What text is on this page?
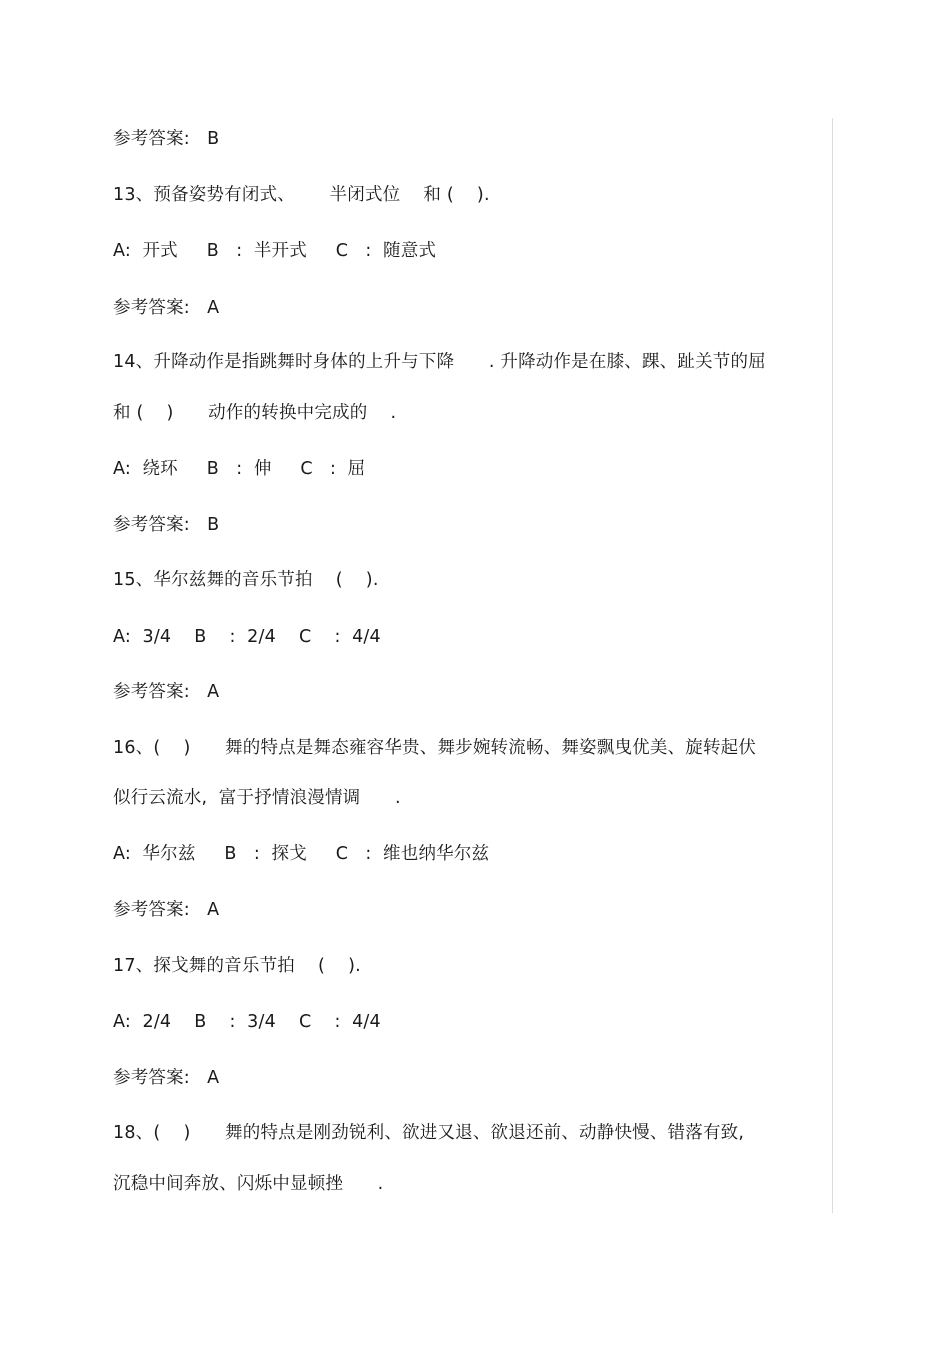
参考答案:   B
13、预备姿势有闭式、      半闭式位    和 (    ).
A:  开式     B   :  半开式     C   :  随意式
参考答案:   A
14、升降动作是指跳舞时身体的上升与下降      . 升降动作是在膝、踝、趾关节的屈
和 (    )      动作的转换中完成的    .
A:  绕环     B   :  伸     C   :  屈
参考答案:   B
15、华尔兹舞的音乐节拍    (    ).
A:  3/4    B    :  2/4    C    :  4/4
参考答案:   A
16、(    )      舞的特点是舞态雍容华贵、舞步婉转流畅、舞姿飘曳优美、旋转起伏
似行云流水,  富于抒情浪漫情调      .
A:  华尔兹     B   :  探戈     C   :  维也纳华尔兹
参考答案:   A
17、探戈舞的音乐节拍    (    ).
A:  2/4    B    :  3/4    C    :  4/4
参考答案:   A
18、(    )      舞的特点是刚劲锐利、欲进又退、欲退还前、动静快慢、错落有致,
沉稳中间奔放、闪烁中显顿挫      .
